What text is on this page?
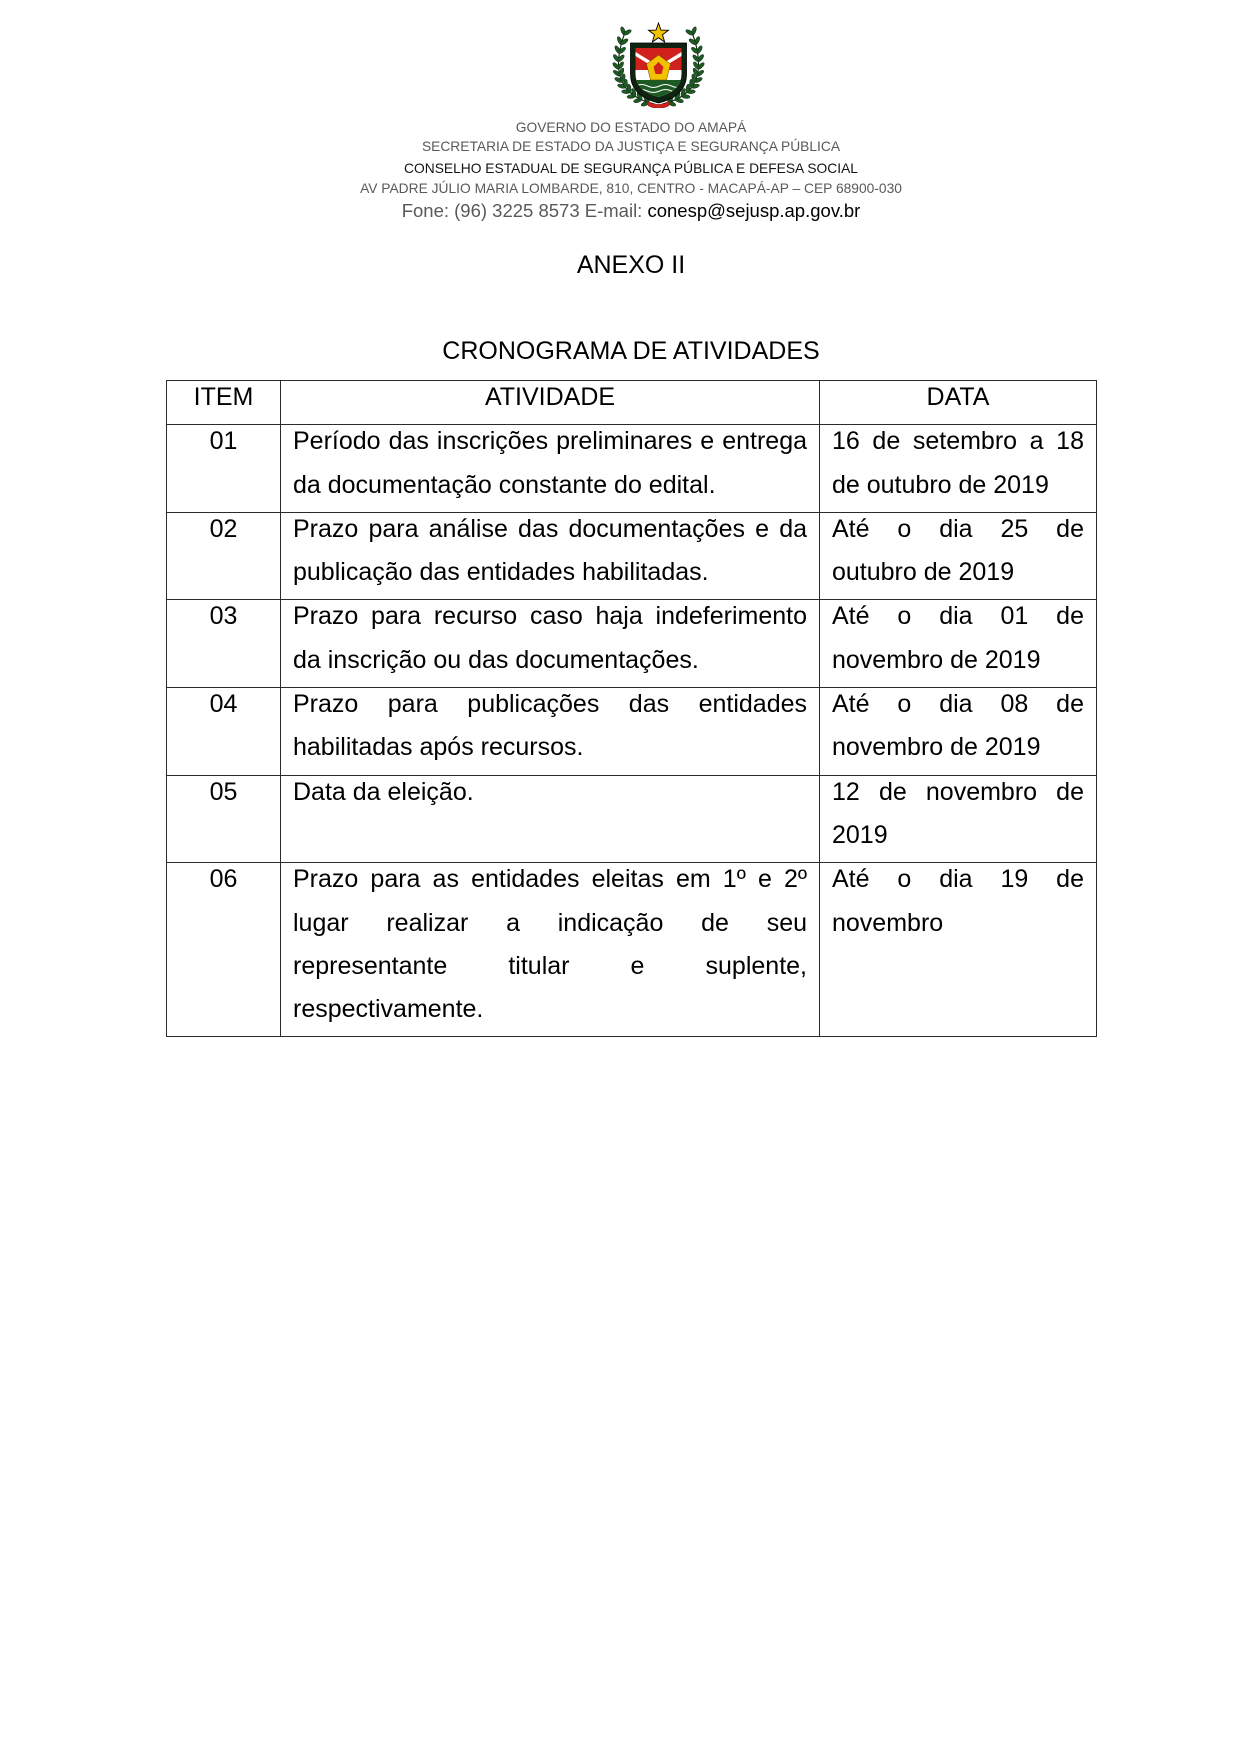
GOVERNO DO ESTADO DO AMAPÁ
SECRETARIA DE ESTADO DA JUSTIÇA E SEGURANÇA PÚBLICA
CONSELHO ESTADUAL DE SEGURANÇA PÚBLICA E DEFESA SOCIAL
AV PADRE JÚLIO MARIA LOMBARDE, 810, CENTRO - MACAPÁ-AP – CEP 68900-030
Fone: (96) 3225 8573 E-mail: conesp@sejusp.ap.gov.br
ANEXO II
CRONOGRAMA DE ATIVIDADES
ITEM	ATIVIDADE	DATA

01	Período das inscrições preliminares e entrega da documentação constante do edital.	16 de setembro a 18 de outubro de 2019

02	Prazo para análise das documentações e da publicação das entidades habilitadas.	Até o dia 25 de outubro de 2019

03	Prazo para recurso caso haja indeferimento da inscrição ou das documentações.	Até o dia 01 de novembro de 2019

04	Prazo para publicações das entidades habilitadas após recursos.	Até o dia 08 de novembro de 2019

05	Data da eleição.	12 de novembro de 2019

06	Prazo para as entidades eleitas em 1º e 2º lugar realizar a indicação de seu representante titular e suplente, respectivamente.	Até o dia 19 de novembro
